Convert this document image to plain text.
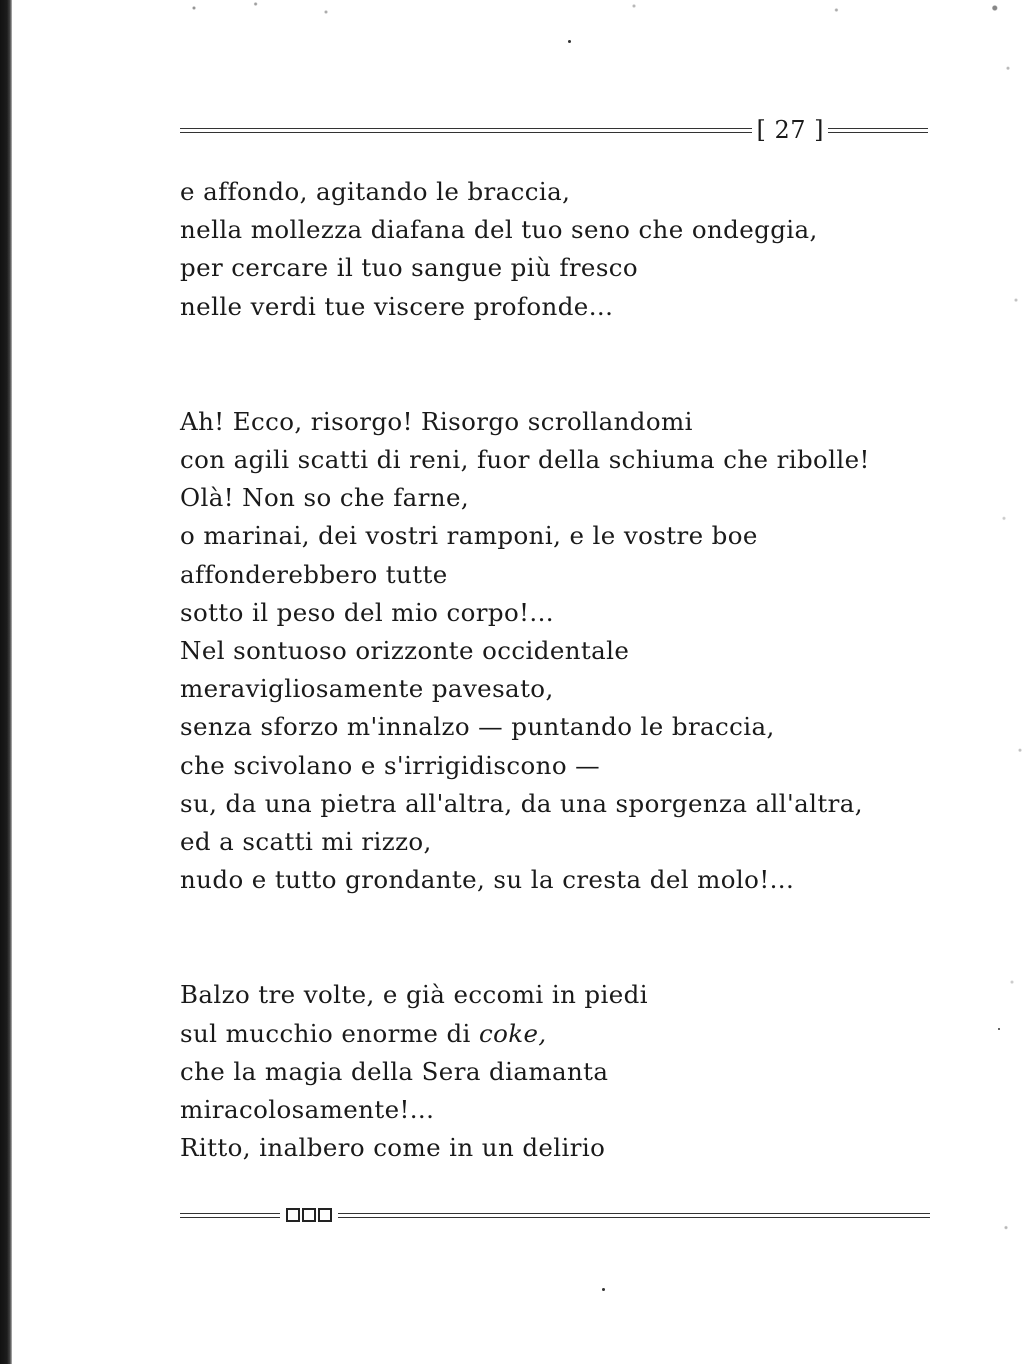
[ 27 ]

e affondo, agitando le braccia,
nella mollezza diafana del tuo seno che ondeggia,
per cercare il tuo sangue più fresco
nelle verdi tue viscere profonde...

Ah! Ecco, risorgo! Risorgo scrollandomi
con agili scatti di reni, fuor della schiuma che ribolle!
Olà! Non so che farne,
o marinai, dei vostri ramponi, e le vostre boe
affonderebbero tutte
sotto il peso del mio corpo!...
Nel sontuoso orizzonte occidentale
meravigliosamente pavesato,
senza sforzo m'innalzo — puntando le braccia,
che scivolano e s'irrigidiscono —
su, da una pietra all'altra, da una sporgenza all'altra,
ed a scatti mi rizzo,
nudo e tutto grondante, su la cresta del molo!...

Balzo tre volte, e già eccomi in piedi
sul mucchio enorme di coke,
che la magia della Sera diamanta
miracolosamente!...
Ritto, inalbero come in un delirio
